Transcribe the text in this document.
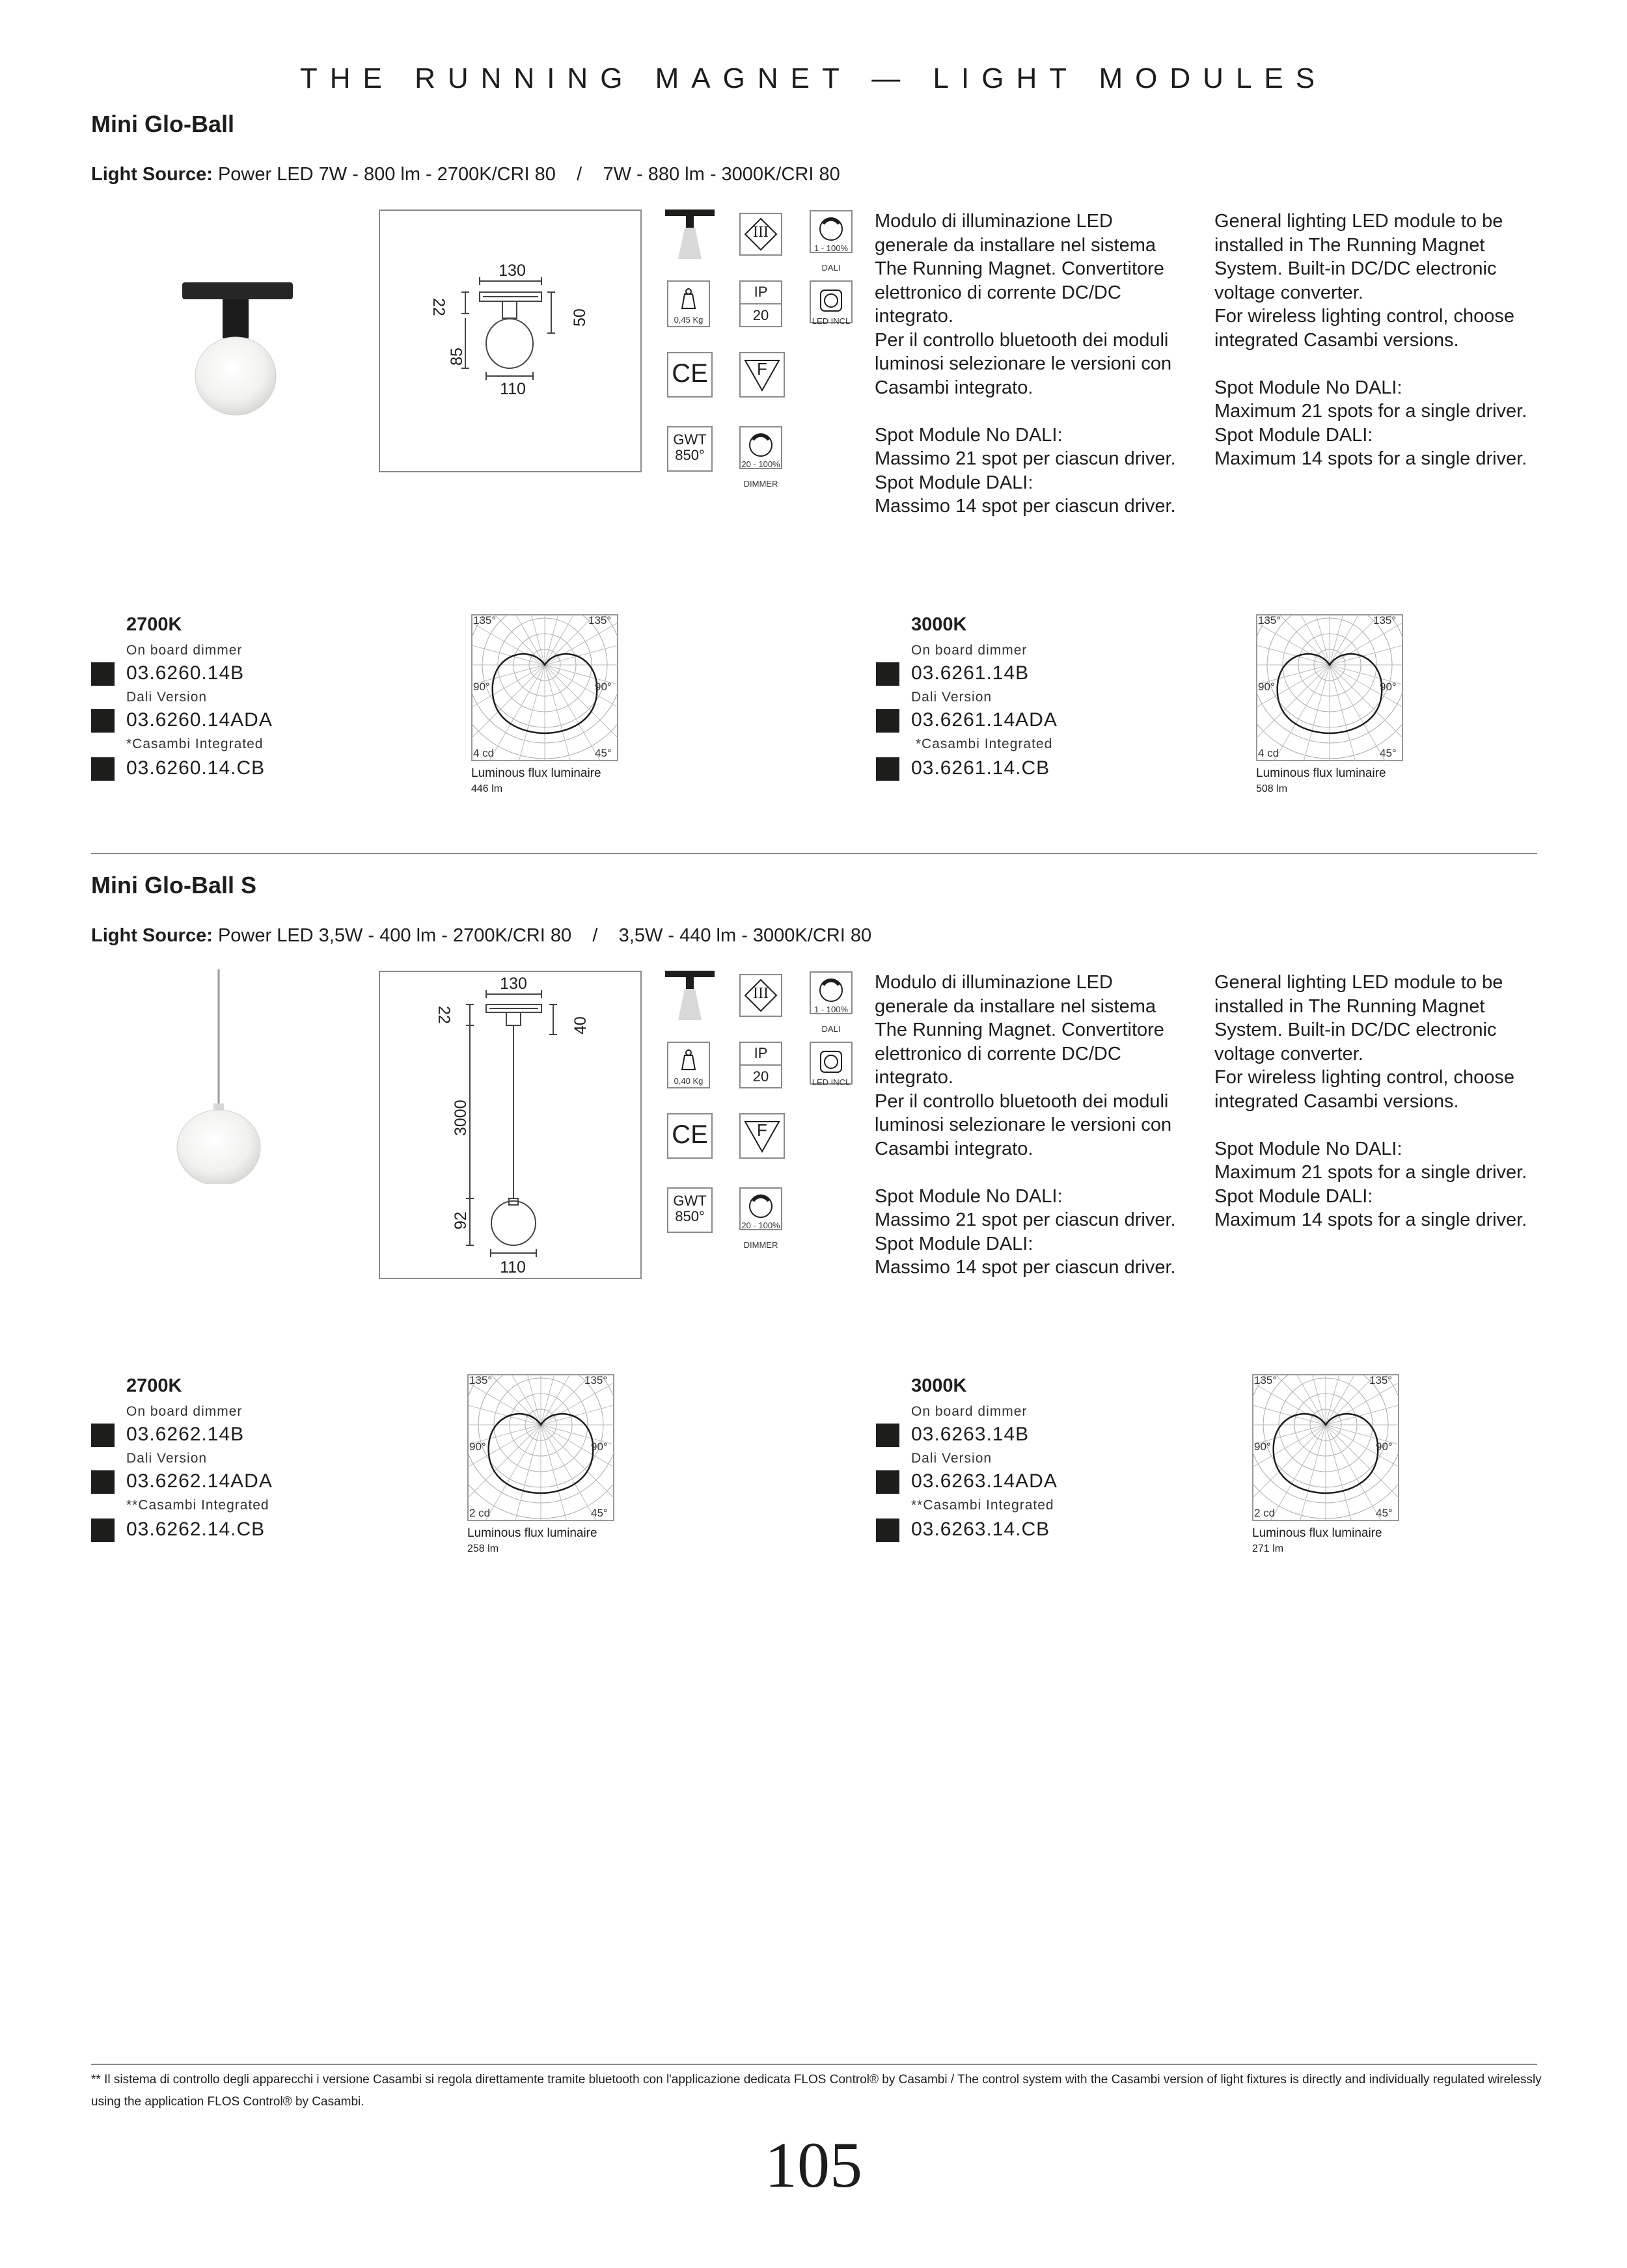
THE RUNNING MAGNET — LIGHT MODULES
Mini Glo-Ball
Light Source: Power LED 7W - 800 lm - 2700K/CRI 80    /    7W - 880 lm - 3000K/CRI 80
130
22
50
85
110
III
1 - 100%
DALI
0,45 Kg
IP
20	LED INCL
CE	F
GWT
850°
20 - 100%
DIMMER
Modulo di illuminazione LED
generale da installare nel sistema
The Running Magnet. Convertitore
elettronico di corrente DC/DC
integrato.
Per il controllo bluetooth dei moduli
luminosi selezionare le versioni con
Casambi integrato.

Spot Module No DALI:
Massimo 21 spot per ciascun driver.
Spot Module DALI:
Massimo 14 spot per ciascun driver.
General lighting LED module to be
installed in The Running Magnet
System. Built-in DC/DC electronic
voltage converter.
For wireless lighting control, choose
integrated Casambi versions.

Spot Module No DALI:
Maximum 21 spots for a single driver.
Spot Module DALI:
Maximum 14 spots for a single driver.
2700K
On board dimmer
03.6260.14B
Dali Version
03.6260.14ADA
*Casambi Integrated
03.6260.14.CB
135°	135°
90°	90°
4 cd	45°
Luminous flux luminaire
446 lm
3000K
On board dimmer
03.6261.14B
Dali Version
03.6261.14ADA
*Casambi Integrated
03.6261.14.CB
135°	135°
90°	90°
4 cd	45°
Luminous flux luminaire
508 lm
Mini Glo-Ball S
Light Source: Power LED 3,5W - 400 lm - 2700K/CRI 80    /    3,5W - 440 lm - 3000K/CRI 80
130
22
40
3000
92
110
III
1 - 100%
DALI
0,40 Kg
IP
20	LED INCL
CE	F
GWT
850°
20 - 100%
DIMMER
Modulo di illuminazione LED
generale da installare nel sistema
The Running Magnet. Convertitore
elettronico di corrente DC/DC
integrato.
Per il controllo bluetooth dei moduli
luminosi selezionare le versioni con
Casambi integrato.

Spot Module No DALI:
Massimo 21 spot per ciascun driver.
Spot Module DALI:
Massimo 14 spot per ciascun driver.
General lighting LED module to be
installed in The Running Magnet
System. Built-in DC/DC electronic
voltage converter.
For wireless lighting control, choose
integrated Casambi versions.

Spot Module No DALI:
Maximum 21 spots for a single driver.
Spot Module DALI:
Maximum 14 spots for a single driver.
2700K
On board dimmer
03.6262.14B
Dali Version
03.6262.14ADA
**Casambi Integrated
03.6262.14.CB
135°	135°
90°	90°
2 cd	45°
Luminous flux luminaire
258 lm
3000K
On board dimmer
03.6263.14B
Dali Version
03.6263.14ADA
**Casambi Integrated
03.6263.14.CB
135°	135°
90°	90°
2 cd	45°
Luminous flux luminaire
271 lm
** Il sistema di controllo degli apparecchi i versione Casambi si regola direttamente tramite bluetooth con l'applicazione dedicata FLOS Control® by Casambi / The control system with the Casambi version of light fixtures is directly and individually regulated wirelessly using the application FLOS Control® by Casambi.
105
